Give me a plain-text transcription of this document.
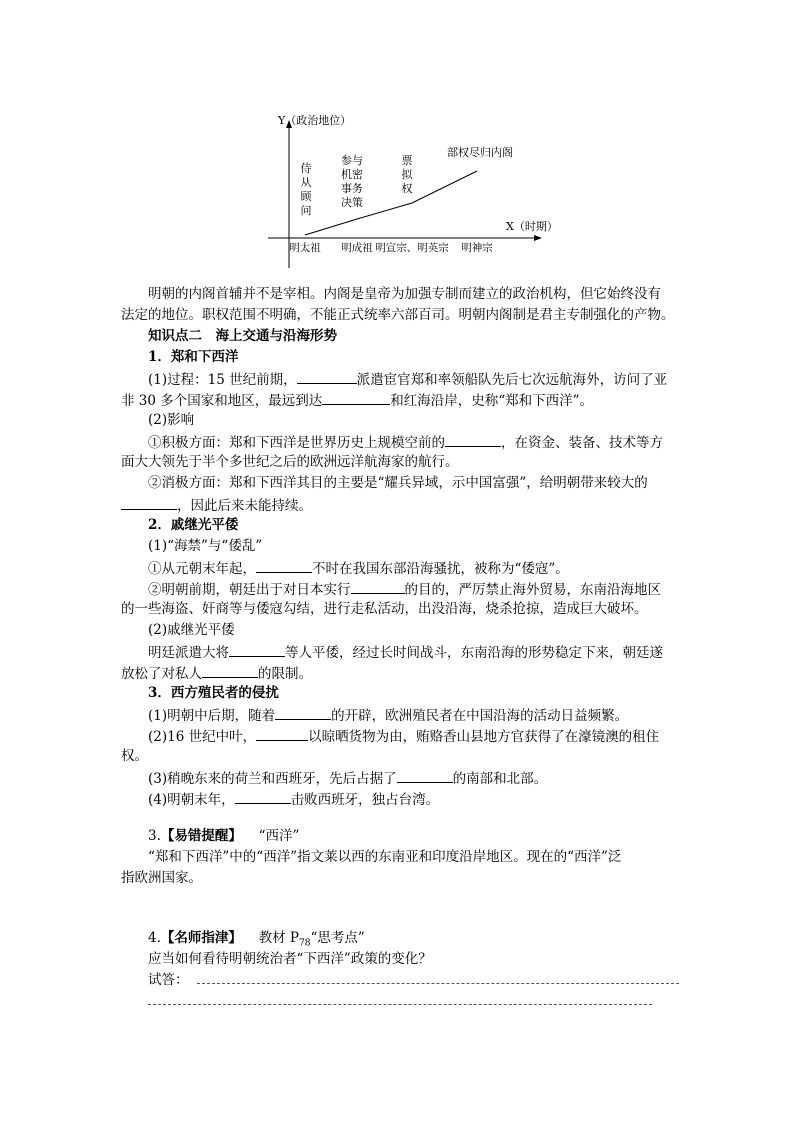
Y（政治地位）
X（时期）
明太祖 明成祖 明宣宗、明英宗 明神宗
侍
从
顾
问
参与
机密
事务
决策
票
拟
权
部权尽归内阁
明朝的内阁首辅并不是宰相。内阁是皇帝为加强专制而建立的政治机构，但它始终没有
法定的地位。职权范围不明确，不能正式统率六部百司。明朝内阁制是君主专制强化的产物。
知识点二　海上交通与沿海形势
1．郑和下西洋
(1)过程：15 世纪前期，	派遣宦官郑和率领船队先后七次远航海外，访问了亚
非 30 多个国家和地区，最远到达	和红海沿岸，史称“郑和下西洋”。
(2)影响
①积极方面：郑和下西洋是世界历史上规模空前的	，在资金、装备、技术等方
面大大领先于半个多世纪之后的欧洲远洋航海家的航行。
②消极方面：郑和下西洋其目的主要是“耀兵异域，示中国富强”，给明朝带来较大的
，因此后来未能持续。
2．戚继光平倭
(1)“海禁”与“倭乱”
①从元朝末年起，	不时在我国东部沿海骚扰，被称为“倭寇”。
②明朝前期，朝廷出于对日本实行	的目的，严厉禁止海外贸易，东南沿海地区
的一些海盗、奸商等与倭寇勾结，进行走私活动，出没沿海，烧杀抢掠，造成巨大破坏。
(2)戚继光平倭
明廷派遣大将	等人平倭，经过长时间战斗，东南沿海的形势稳定下来，朝廷遂
放松了对私人	的限制。
3．西方殖民者的侵扰
(1)明朝中后期，随着	的开辟，欧洲殖民者在中国沿海的活动日益频繁。
(2)16 世纪中叶，	以晾晒货物为由，贿赂香山县地方官获得了在濠镜澳的租住
权。
(3)稍晚东来的荷兰和西班牙，先后占据了	的南部和北部。
(4)明朝末年，	击败西班牙，独占台湾。
3.【易错提醒】　“西洋”
“郑和下西洋”中的“西洋”指文莱以西的东南亚和印度沿岸地区。现在的“西洋”泛
指欧洲国家。
4.【名师指津】　教材 $P_{78}“$思考点”
应当如何看待明朝统治者“下西洋”政策的变化？
试答：
